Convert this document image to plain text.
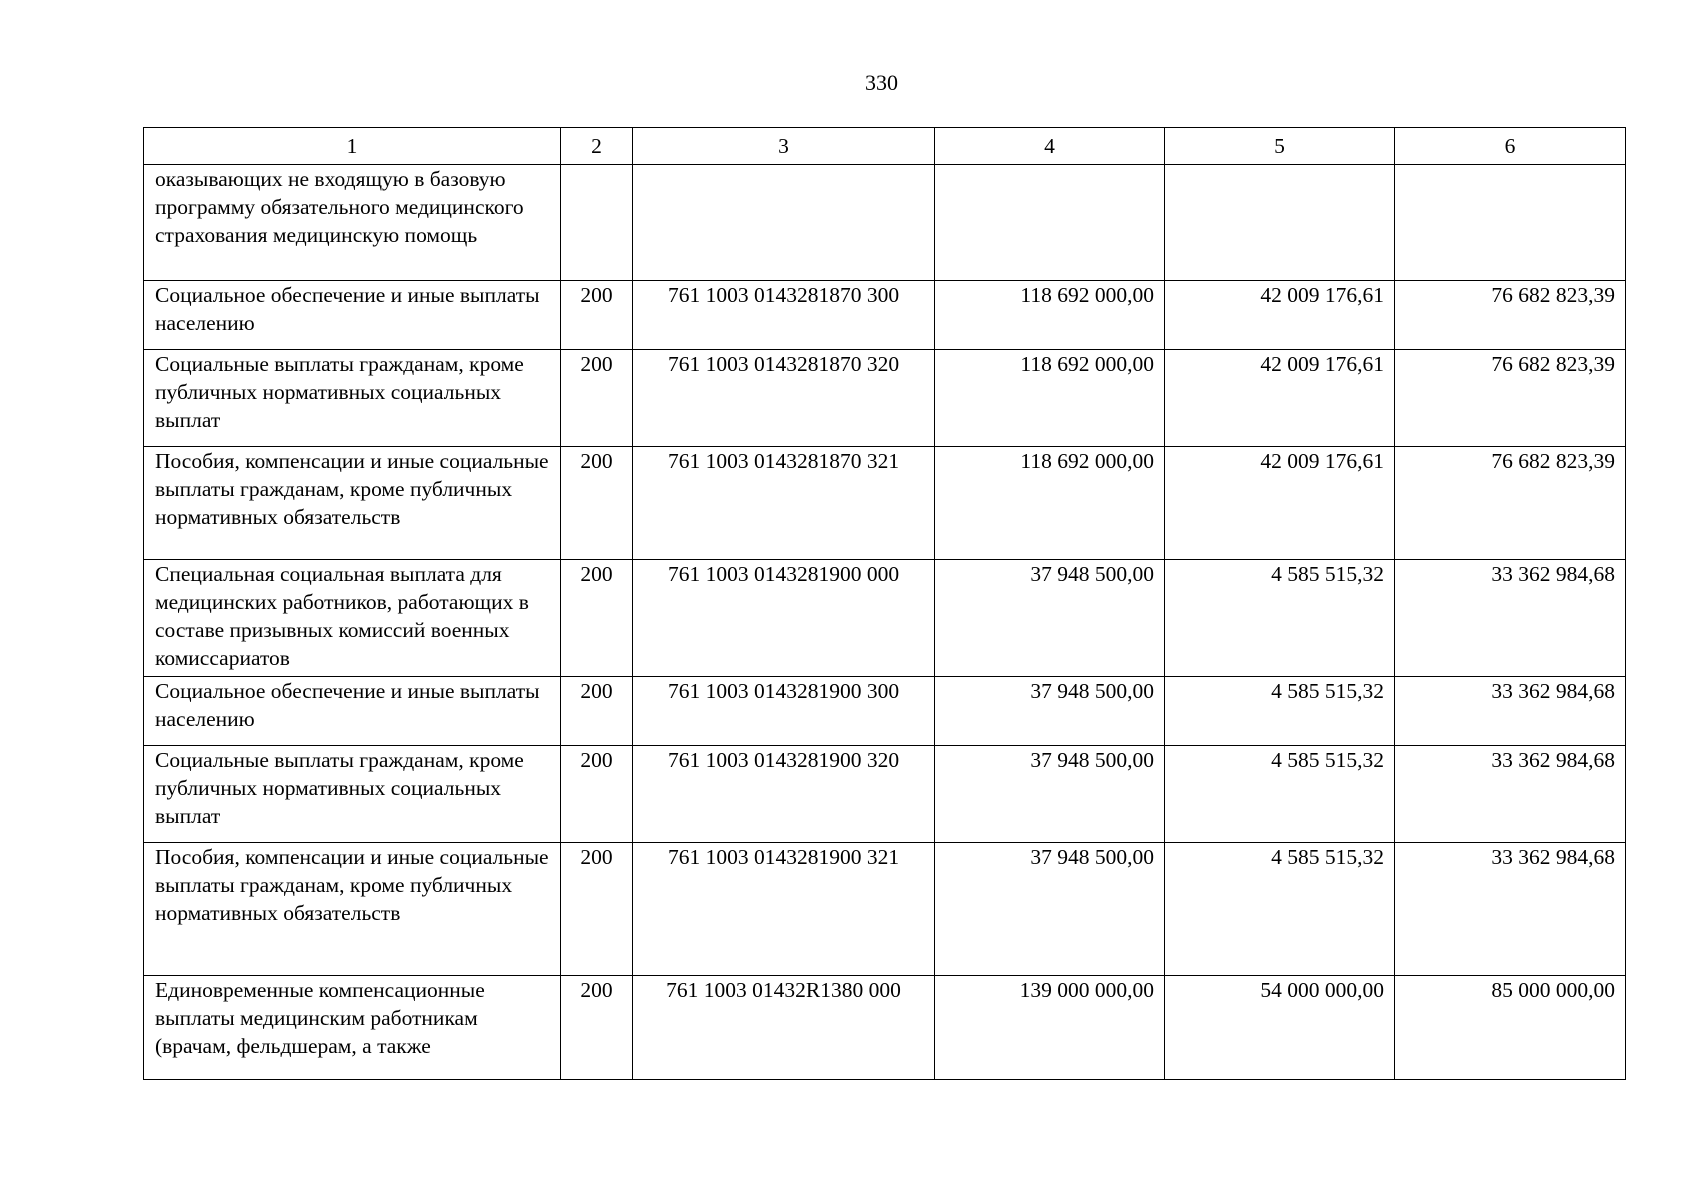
330
1	2	3	4	5	6
оказывающих не входящую в базовую программу обязательного медицинского страхования медицинскую помощь					
Социальное обеспечение и иные выплаты населению	200	761 1003 0143281870 300	118 692 000,00	42 009 176,61	76 682 823,39
Социальные выплаты гражданам, кроме публичных нормативных социальных выплат	200	761 1003 0143281870 320	118 692 000,00	42 009 176,61	76 682 823,39
Пособия, компенсации и иные социальные выплаты гражданам, кроме публичных нормативных обязательств	200	761 1003 0143281870 321	118 692 000,00	42 009 176,61	76 682 823,39
Специальная социальная выплата для медицинских работников, работающих в составе призывных комиссий военных комиссариатов	200	761 1003 0143281900 000	37 948 500,00	4 585 515,32	33 362 984,68
Социальное обеспечение и иные выплаты населению	200	761 1003 0143281900 300	37 948 500,00	4 585 515,32	33 362 984,68
Социальные выплаты гражданам, кроме публичных нормативных социальных выплат	200	761 1003 0143281900 320	37 948 500,00	4 585 515,32	33 362 984,68
Пособия, компенсации и иные социальные выплаты гражданам, кроме публичных нормативных обязательств	200	761 1003 0143281900 321	37 948 500,00	4 585 515,32	33 362 984,68
Единовременные компенсационные выплаты медицинским работникам (врачам, фельдшерам, а также	200	761 1003 01432R1380 000	139 000 000,00	54 000 000,00	85 000 000,00
